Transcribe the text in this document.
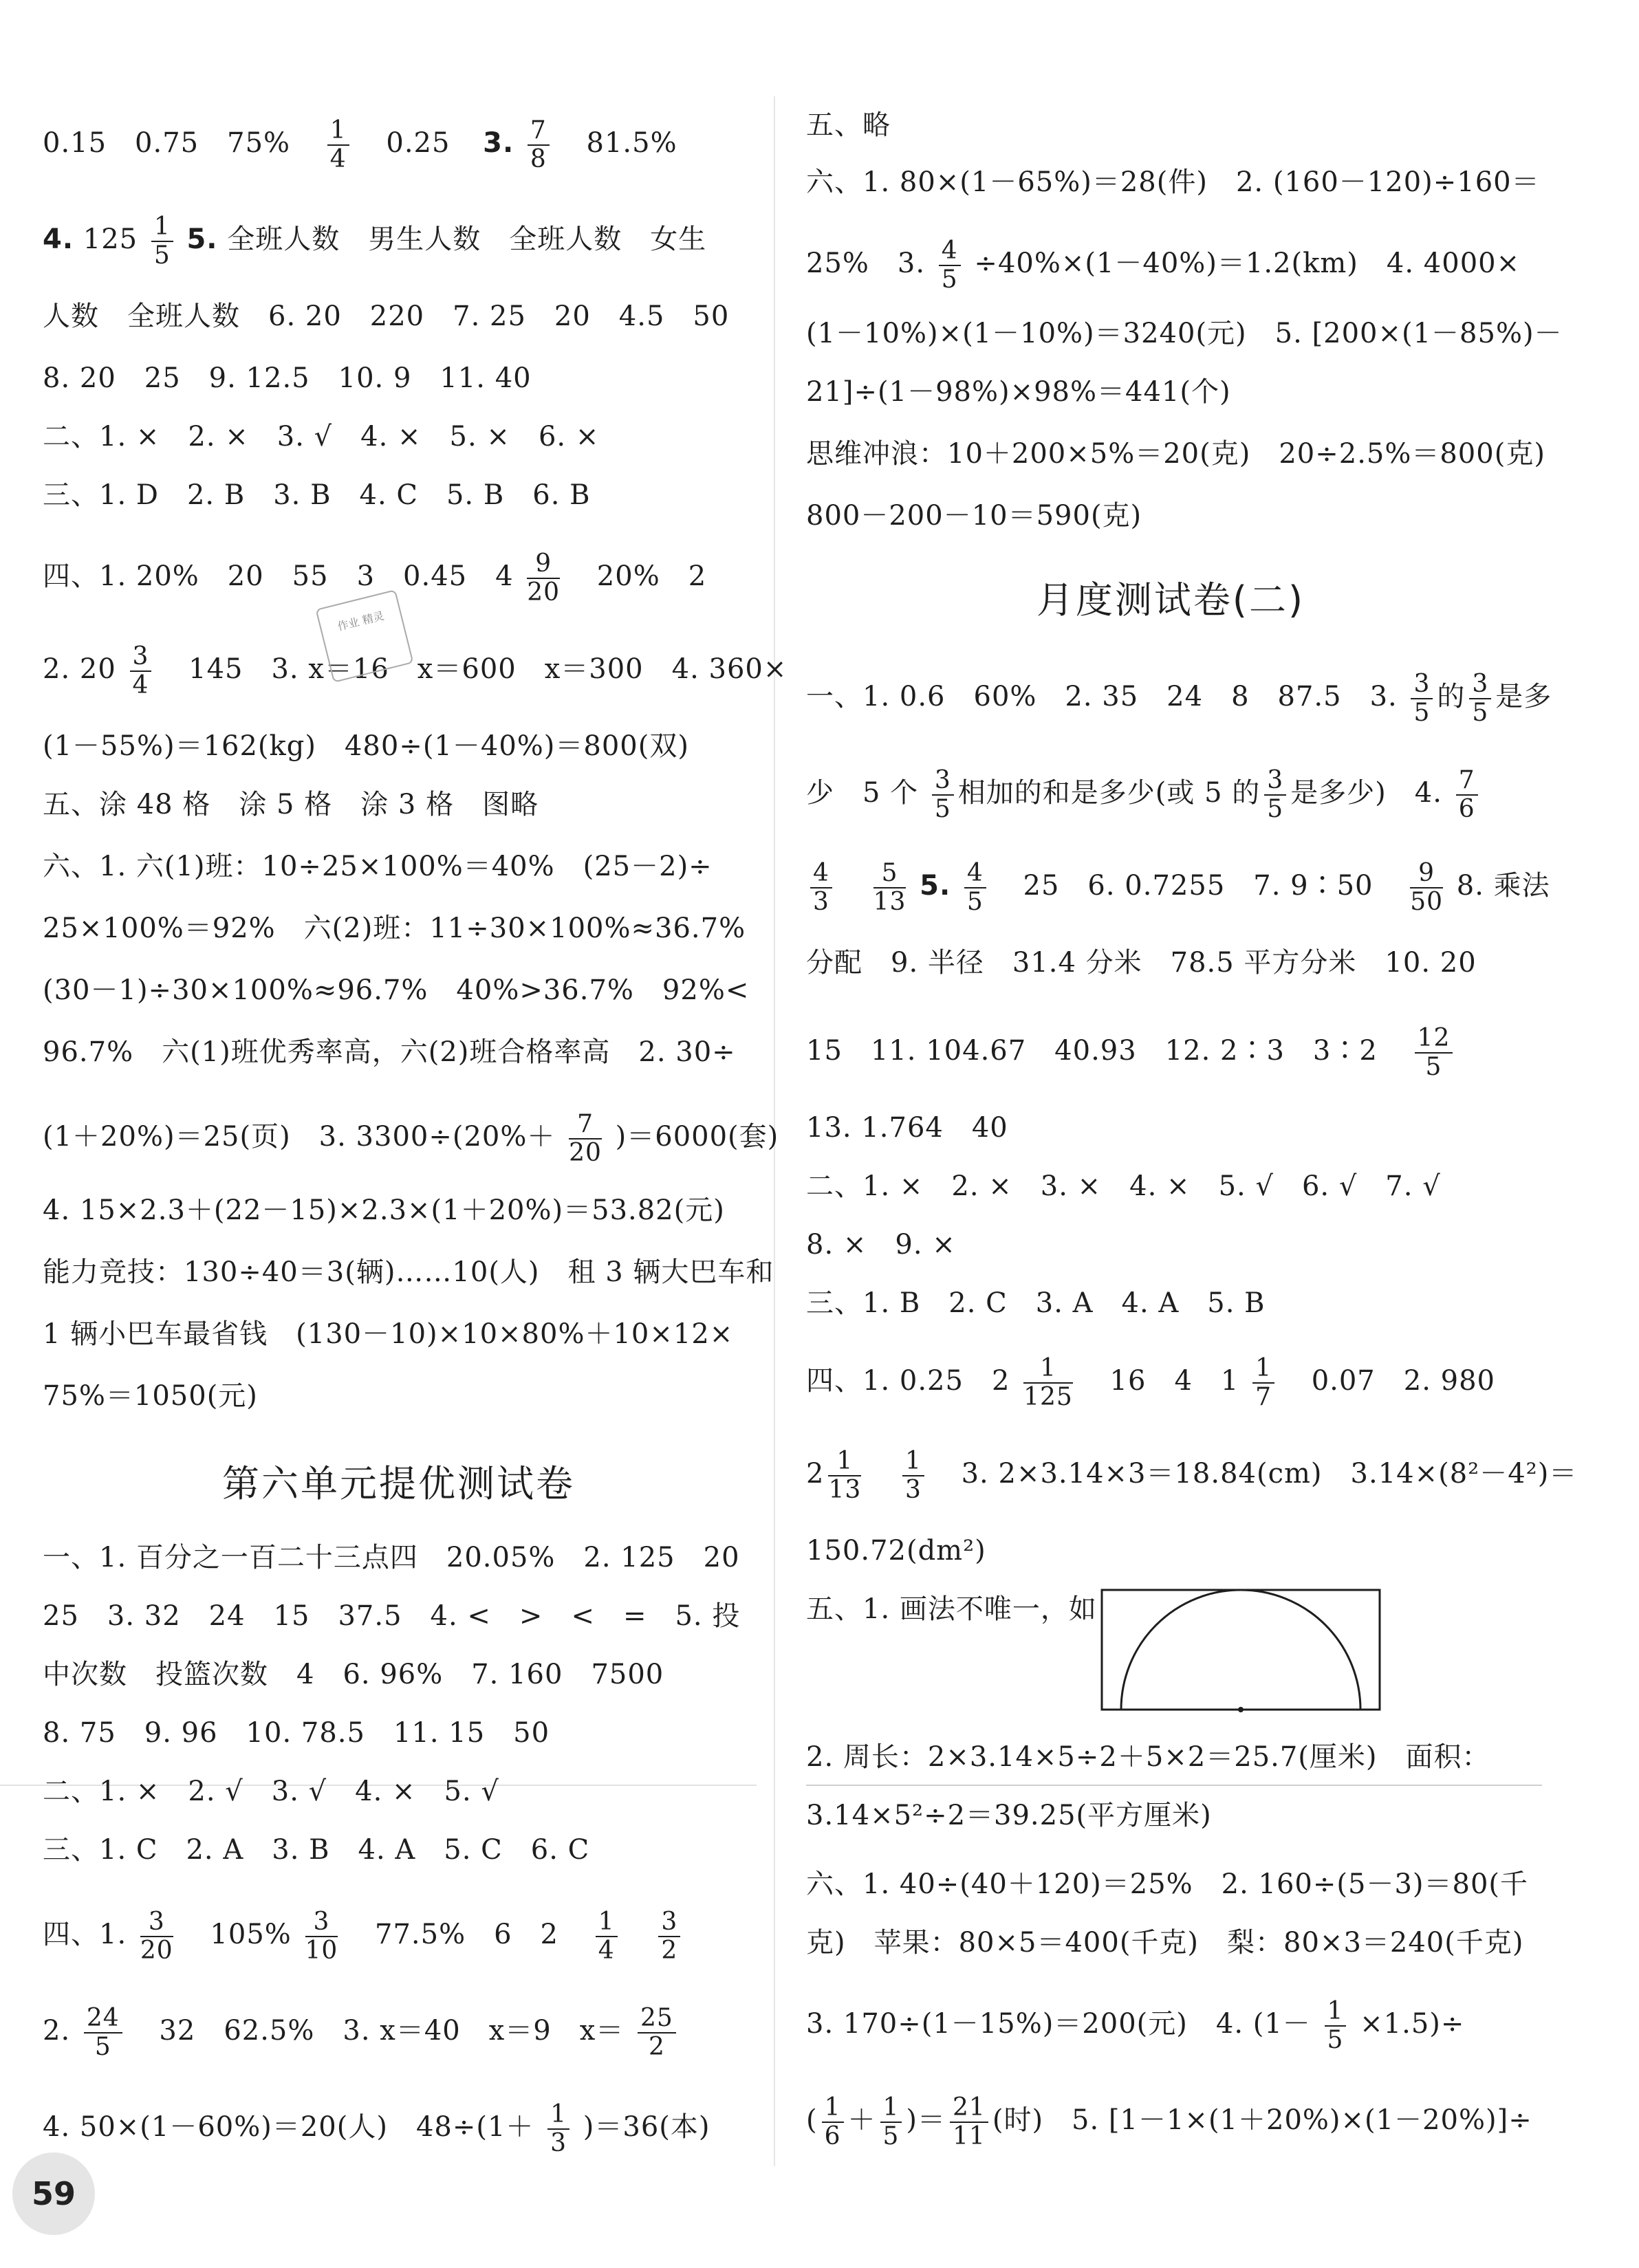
0.15　0.75　$75\% \frac{1}{4} 0.25$ 3. $\frac{7}{8} 81.5\%$
4. $125 \frac{1}{5} 5$. 全班人数　男生人数　全班人数　女生
人数　全班人数　6. 20　220　7. 25　20　4.5　50
8. 20　25　9. 12.5　10. 9　11. 40
二、1. ×　2. ×　3. √　4. ×　5. ×　6. ×
三、1. D　2. B　3. B　4. C　5. B　6. B
四、1. 20%　20　55　3　0.45　$4 \frac{9}{20} 20\%$　2
2. $20 \frac{3}{4} 145$　3. x＝16　x＝600　x＝300　4. 360×
(1－55%)＝162(kg)　480÷(1－40%)＝800(双)
五、涂 48 格　涂 5 格　涂 3 格　图略
六、1. 六(1)班：10÷25×100%＝40%　(25－2)÷
25×100%＝92%　六(2)班：11÷30×100%≈36.7%
(30－1)÷30×100%≈96.7%　40%>36.7%　92%<
96.7%　六(1)班优秀率高，六(2)班合格率高　2. 30÷
(1＋20%)＝25(页)　3. $3300\div(20\%+ \frac{7}{20} )=6000$(套)
4. 15×2.3＋(22－15)×2.3×(1＋20%)＝53.82(元)
能力竞技：130÷40＝3(辆)……10(人)　租 3 辆大巴车和
1 辆小巴车最省钱　(130－10)×10×80%＋10×12×
75%＝1050(元)
第六单元提优测试卷
一、1. 百分之一百二十三点四　20.05%　2. 125　20
25　3. 32　24　15　37.5　4. <　>　<　=　5. 投
中次数　投篮次数　4　6. 96%　7. 160　7500
8. 75　9. 96　10. 78.5　11. 15　50
二、1. ×　2. √　3. √　4. ×　5. √
三、1. C　2. A　3. B　4. A　5. C　6. C
四、1. $\frac{3}{20} 105\% \frac{3}{10} 77.5\%$　6　$2 \frac{1}{4}$
$\frac{3}{2}$
2. $\frac{24}{5} 32$　62.5%　3. x＝40　x＝9　$x= \frac{25}{2}$
4. 50×(1－60%)＝20(人)　$48\div(1+ \frac{1}{3} )=36$(本)
五、略
六、1. 80×(1－65%)＝28(件)　2. (160－120)÷160＝
25%　3. $\frac{4}{5} \div 40\%\times(1-40\%)=1.2(km)$　4. 4000×
(1－10%)×(1－10%)＝3240(元)　5. [200×(1－85%)－
21]÷(1－98%)×98%＝441(个)
思维冲浪：10＋200×5%＝20(克)　20÷2.5%＝800(克)
800－200－10＝590(克)
月度测试卷(二)
一、1. 0.6　60%　2. 35　24　8　87.5　3. $\frac{3}{5}$ 的 $\frac{3}{5}$ 是多
少　5 个 $\frac{3}{5}$ 相加的和是多少(或 5 的 $\frac{3}{5}$ 是多少)　4. $\frac{7}{6}$
$\frac{4}{3}$
$\frac{5}{13} 5$. $\frac{4}{5} 25$　6. 0.7255　7. 9∶50 $\frac{9}{50} 8$. 乘法
分配　9. 半径　31.4 分米　78.5 平方分米　10. 20
15　11. 104.67　40.93　12. 2∶3　3∶2 $\frac{12}{5}$
13. 1.764　40
二、1. ×　2. ×　3. ×　4. ×　5. √　6. √　7. √
8. ×　9. ×
三、1. B　2. C　3. A　4. A　5. B
四、1. 0.25　$2 \frac{1}{125} 16$　4　$1 \frac{1}{7} 0.07$　2. 980
$2 \frac{1}{13}$
$\frac{1}{3} 3$. 2×3.14×3＝18.84(cm)　3.14×(8²－4²)＝
150.72(dm²)
五、1. 画法不唯一，如
2. 周长：2×3.14×5÷2＋5×2＝25.7(厘米)　面积：
3.14×5²÷2＝39.25(平方厘米)
六、1. 40÷(40＋120)＝25%　2. 160÷(5－3)＝80(千
克)　苹果：80×5＝400(千克)　梨：80×3＝240(千克)
3. 170÷(1－15%)＝200(元)　4. $(1- \frac{1}{5} \times 1.5)\div$
( $\frac{1}{6} + \frac{1}{5}$ )＝ $\frac{21}{11}$ (时)　5. [1－1×(1＋20%)×(1－20%)]÷
作业 精灵
59
